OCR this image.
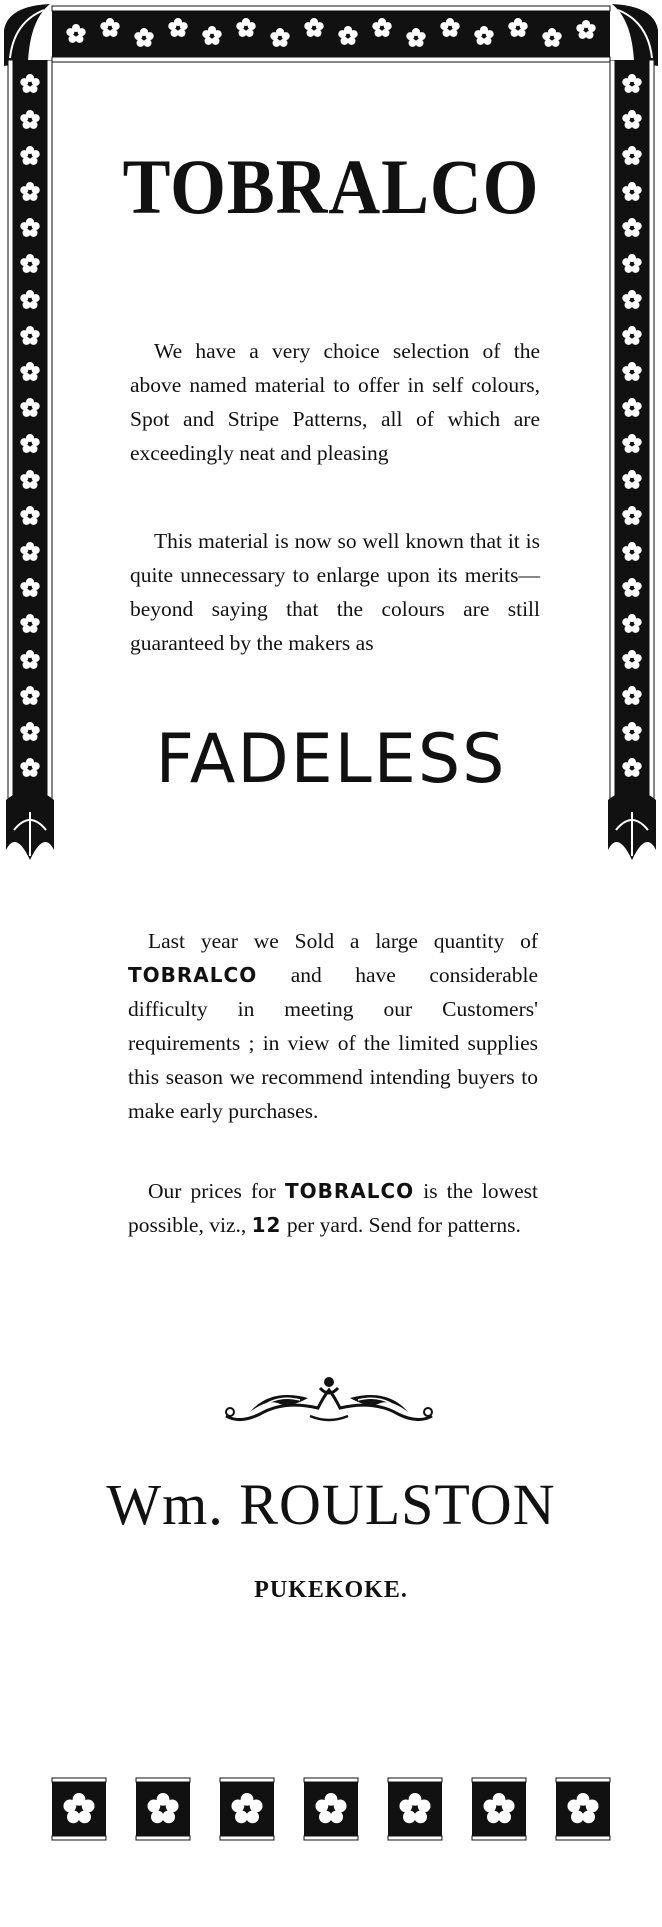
TOBRALCO
We have a very choice selection of the above named material to offer in self colours, Spot and Stripe Patterns, all of which are exceedingly neat and pleasing
This material is now so well known that it is quite unnecessary to enlarge upon its merits—beyond saying that the colours are still guaranteed by the makers as
FADELESS
Last year we Sold a large quantity of TOBRALCO and have considerable difficulty in meeting our Customers' requirements ; in view of the limited supplies this season we recommend intending buyers to make early purchases.
Our prices for TOBRALCO is the lowest possible, viz., 12 per yard. Send for patterns.
Wm. ROULSTON
PUKEKOKE.
